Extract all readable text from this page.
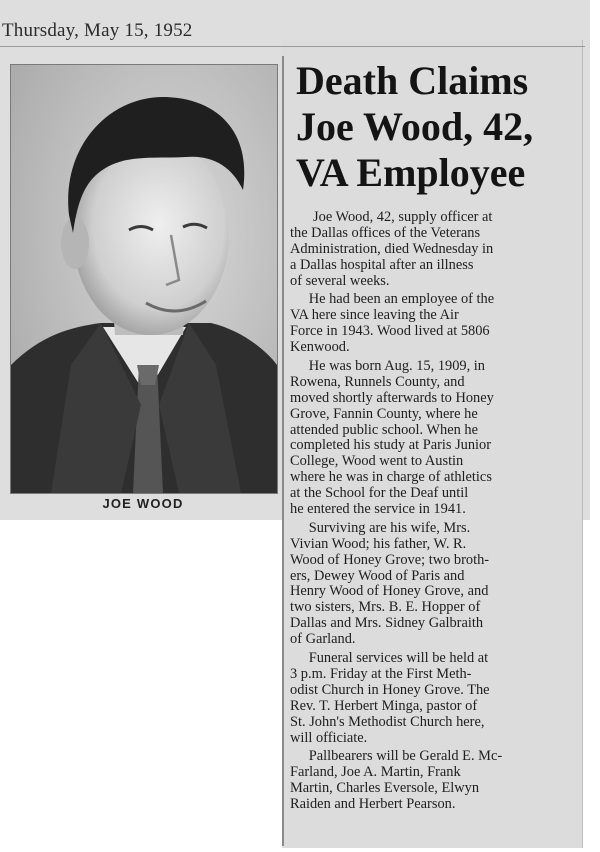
Thursday, May 15, 1952
JOE WOOD
Death Claims
Joe Wood, 42,
VA Employee
Joe Wood, 42, supply officer at
the Dallas offices of the Veterans
Administration, died Wednesday in
a Dallas hospital after an illness
of several weeks.
He had been an employee of the
VA here since leaving the Air
Force in 1943. Wood lived at 5806
Kenwood.
He was born Aug. 15, 1909, in
Rowena, Runnels County, and
moved shortly afterwards to Honey
Grove, Fannin County, where he
attended public school. When he
completed his study at Paris Junior
College, Wood went to Austin
where he was in charge of athletics
at the School for the Deaf until
he entered the service in 1941.
Surviving are his wife, Mrs.
Vivian Wood; his father, W. R.
Wood of Honey Grove; two broth-
ers, Dewey Wood of Paris and
Henry Wood of Honey Grove, and
two sisters, Mrs. B. E. Hopper of
Dallas and Mrs. Sidney Galbraith
of Garland.
Funeral services will be held at
3 p.m. Friday at the First Meth-
odist Church in Honey Grove. The
Rev. T. Herbert Minga, pastor of
St. John's Methodist Church here,
will officiate.
Pallbearers will be Gerald E. Mc-
Farland, Joe A. Martin, Frank
Martin, Charles Eversole, Elwyn
Raiden and Herbert Pearson.
